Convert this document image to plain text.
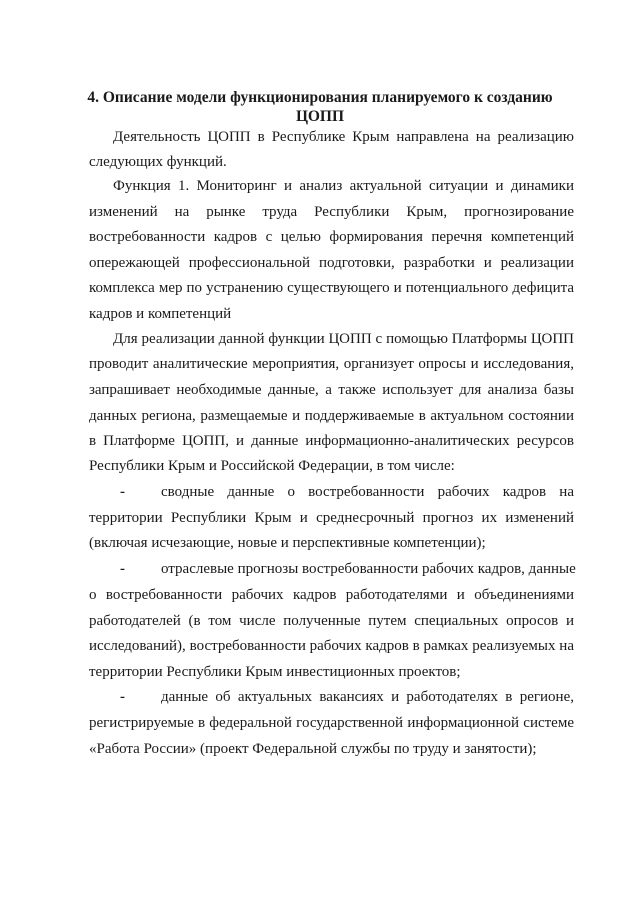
4. Описание модели функционирования планируемого к созданию
ЦОПП
Деятельность ЦОПП в Республике Крым направлена на реализацию
следующих функций.
Функция 1. Мониторинг и анализ актуальной ситуации и динамики
изменений на рынке труда Республики Крым, прогнозирование
востребованности кадров с целью формирования перечня компетенций
опережающей профессиональной подготовки, разработки и реализации
комплекса мер по устранению существующего и потенциального дефицита
кадров и компетенций
Для реализации данной функции ЦОПП с помощью Платформы ЦОПП
проводит аналитические мероприятия, организует опросы и исследования,
запрашивает необходимые данные, а также использует для анализа базы
данных региона, размещаемые и поддерживаемые в актуальном состоянии
в Платформе ЦОПП, и данные информационно-аналитических ресурсов
Республики Крым и Российской Федерации, в том числе:
- сводные данные о востребованности рабочих кадров на
территории Республики Крым и среднесрочный прогноз их изменений
(включая исчезающие, новые и перспективные компетенции);
- отраслевые прогнозы востребованности рабочих кадров, данные
о востребованности рабочих кадров работодателями и объединениями
работодателей (в том числе полученные путем специальных опросов и
исследований), востребованности рабочих кадров в рамках реализуемых на
территории Республики Крым инвестиционных проектов;
- данные об актуальных вакансиях и работодателях в регионе,
регистрируемые в федеральной государственной информационной системе
«Работа России» (проект Федеральной службы по труду и занятости);
